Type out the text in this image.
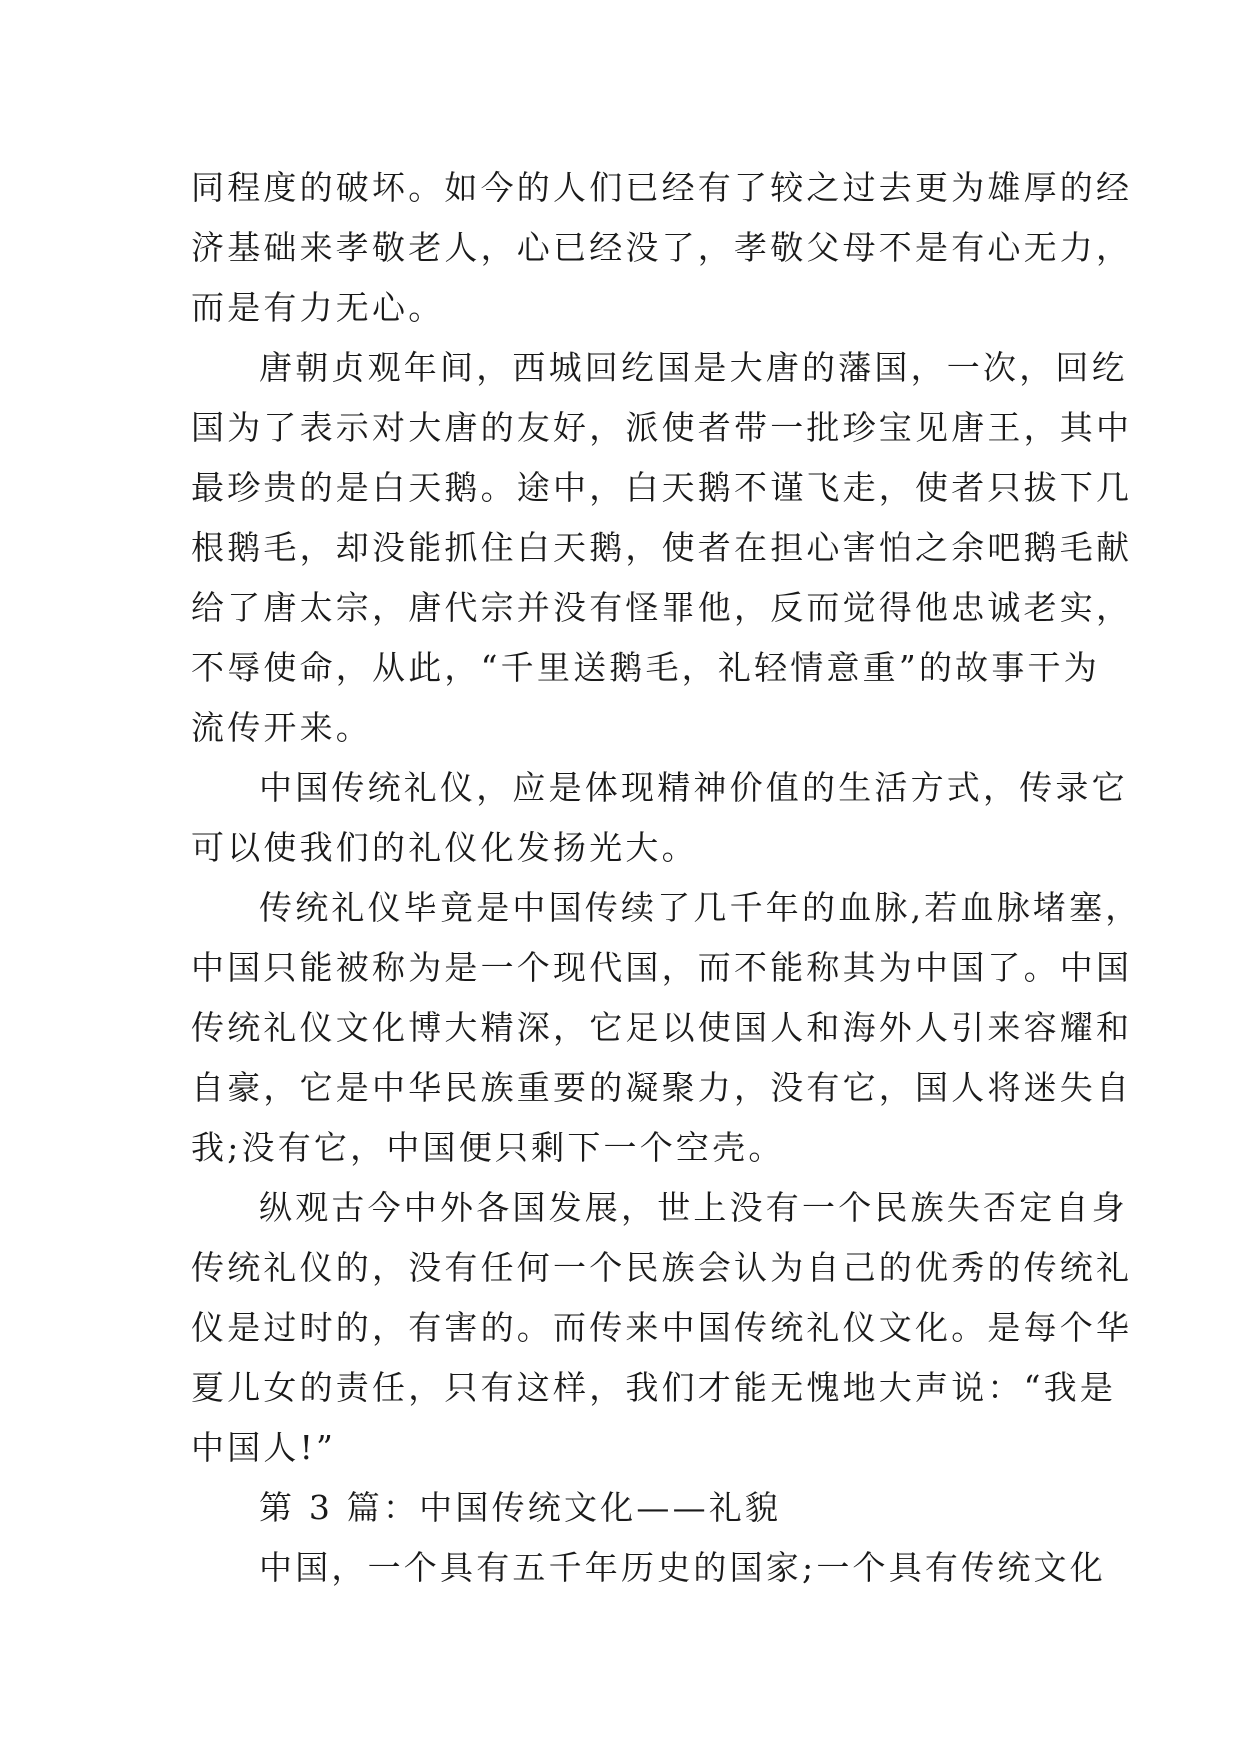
同程度的破坏。如今的人们已经有了较之过去更为雄厚的经
济基础来孝敬老人，心已经没了，孝敬父母不是有心无力，
而是有力无心。
唐朝贞观年间，西城回纥国是大唐的藩国，一次，回纥
国为了表示对大唐的友好，派使者带一批珍宝见唐王，其中
最珍贵的是白天鹅。途中，白天鹅不谨飞走，使者只拔下几
根鹅毛，却没能抓住白天鹅，使者在担心害怕之余吧鹅毛献
给了唐太宗，唐代宗并没有怪罪他，反而觉得他忠诚老实，
不辱使命，从此，“千里送鹅毛，礼轻情意重”的故事干为
流传开来。
中国传统礼仪，应是体现精神价值的生活方式，传录它
可以使我们的礼仪化发扬光大。
传统礼仪毕竟是中国传续了几千年的血脉,若血脉堵塞，
中国只能被称为是一个现代国，而不能称其为中国了。中国
传统礼仪文化博大精深，它足以使国人和海外人引来容耀和
自豪，它是中华民族重要的凝聚力，没有它，国人将迷失自
我;没有它，中国便只剩下一个空壳。
纵观古今中外各国发展，世上没有一个民族失否定自身
传统礼仪的，没有任何一个民族会认为自己的优秀的传统礼
仪是过时的，有害的。而传来中国传统礼仪文化。是每个华
夏儿女的责任，只有这样，我们才能无愧地大声说：“我是
中国人!”
第 3 篇：中国传统文化——礼貌
中国，一个具有五千年历史的国家;一个具有传统文化
